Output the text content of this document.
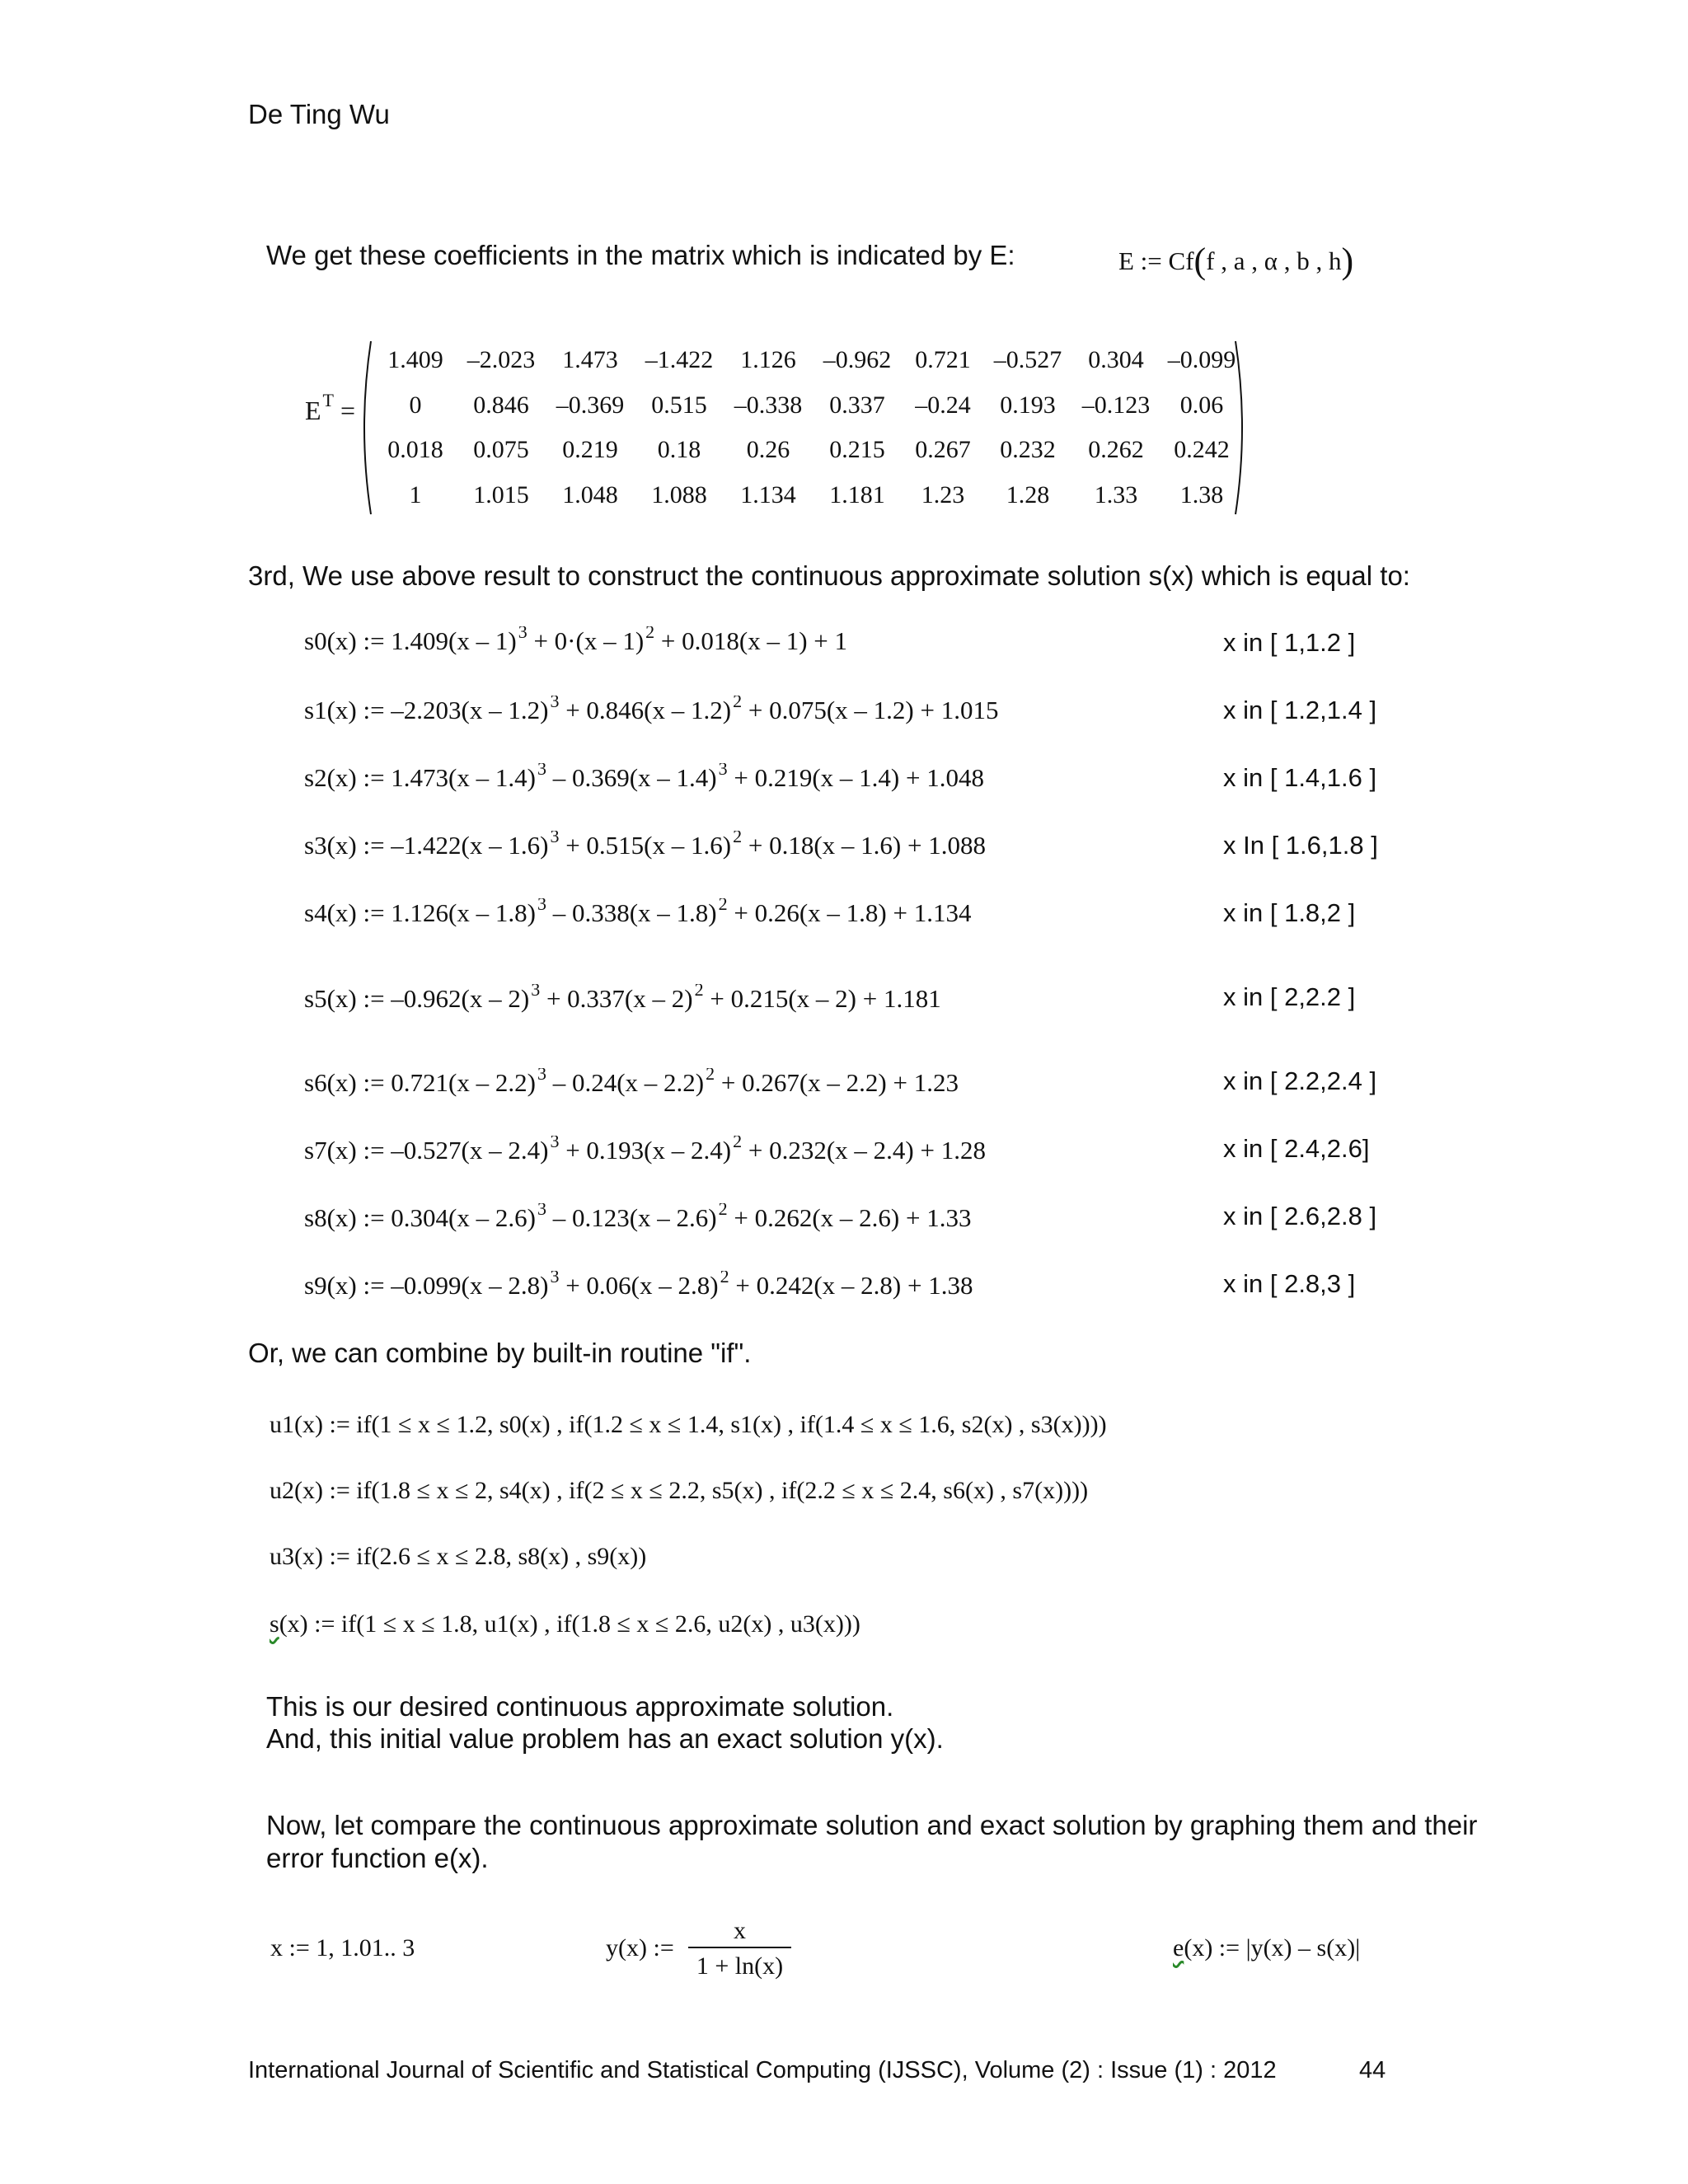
De Ting Wu
We get these coefficients in the matrix which is indicated by E:	E := Cf(f , a , α , b , h)
$E^T$ =
1.409	–2.023	1.473	–1.422	1.126	–0.962	0.721	–0.527	0.304	–0.099
0	0.846	–0.369	0.515	–0.338	0.337	–0.24	0.193	–0.123	0.06
0.018	0.075	0.219	0.18	0.26	0.215	0.267	0.232	0.262	0.242
1	1.015	1.048	1.088	1.134	1.181	1.23	1.28	1.33	1.38
3rd, We use above result to construct the continuous approximate solution s(x) which is equal to:
s0(x) := 1.409(x – 1)$^3$ + 0·(x – 1)$^2$ + 0.018(x – 1) + 1	x in [ 1,1.2 ]
s1(x) := –2.203(x – 1.2)$^3$ + 0.846(x – 1.2)$^2$ + 0.075(x – 1.2) + 1.015	x in [ 1.2,1.4 ]
s2(x) := 1.473(x – 1.4)$^3$ – 0.369(x – 1.4)$^3$ + 0.219(x – 1.4) + 1.048	x in [ 1.4,1.6 ]
s3(x) := –1.422(x – 1.6)$^3$ + 0.515(x – 1.6)$^2$ + 0.18(x – 1.6) + 1.088	x In [ 1.6,1.8 ]
s4(x) := 1.126(x – 1.8)$^3$ – 0.338(x – 1.8)$^2$ + 0.26(x – 1.8) + 1.134	x in [ 1.8,2 ]
s5(x) := –0.962(x – 2)$^3$ + 0.337(x – 2)$^2$ + 0.215(x – 2) + 1.181	x in [ 2,2.2 ]
s6(x) := 0.721(x – 2.2)$^3$ – 0.24(x – 2.2)$^2$ + 0.267(x – 2.2) + 1.23	x in [ 2.2,2.4 ]
s7(x) := –0.527(x – 2.4)$^3$ + 0.193(x – 2.4)$^2$ + 0.232(x – 2.4) + 1.28	x in [ 2.4,2.6]
s8(x) := 0.304(x – 2.6)$^3$ – 0.123(x – 2.6)$^2$ + 0.262(x – 2.6) + 1.33	x in [ 2.6,2.8 ]
s9(x) := –0.099(x – 2.8)$^3$ + 0.06(x – 2.8)$^2$ + 0.242(x – 2.8) + 1.38	x in [ 2.8,3 ]
Or, we can combine by built-in routine "if".
u1(x) := if(1 ≤ x ≤ 1.2, s0(x) , if(1.2 ≤ x ≤ 1.4, s1(x) , if(1.4 ≤ x ≤ 1.6, s2(x) , s3(x))))
u2(x) := if(1.8 ≤ x ≤ 2, s4(x) , if(2 ≤ x ≤ 2.2, s5(x) , if(2.2 ≤ x ≤ 2.4, s6(x) , s7(x))))
u3(x) := if(2.6 ≤ x ≤ 2.8, s8(x) , s9(x))
s(x) := if(1 ≤ x ≤ 1.8, u1(x) , if(1.8 ≤ x ≤ 2.6, u2(x) , u3(x)))
This is our desired continuous approximate solution.
And, this initial value problem has an exact solution y(x).
Now, let compare the continuous approximate solution and exact solution by graphing them and their
error function e(x).
x := 1, 1.01.. 3	y(x) :=
x
1 + ln(x)
e(x) := |y(x) – s(x)|
International Journal of Scientific and Statistical Computing (IJSSC), Volume (2) : Issue (1) : 2012	44
